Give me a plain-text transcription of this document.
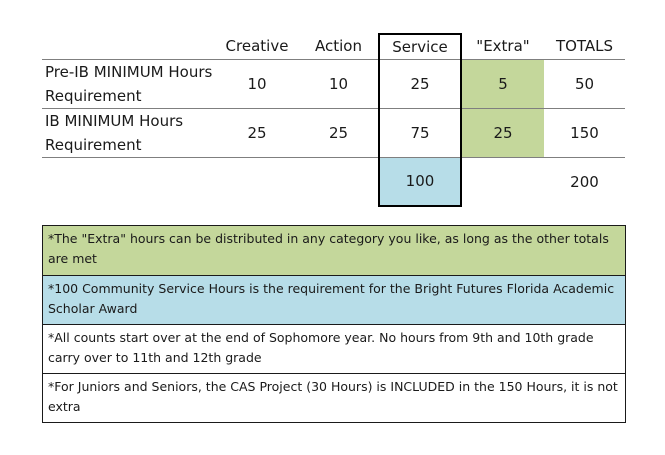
	Creative	Action	Service	"Extra"	TOTALS
Pre-IB MINIMUM Hours Requirement	10	10	25	5	50
IB MINIMUM Hours Requirement	25	25	75	25	150
			100		200
*The "Extra" hours can be distributed in any category you like, as long as the other totals are met
*100 Community Service Hours is the requirement for the Bright Futures Florida Academic Scholar Award
*All counts start over at the end of Sophomore year. No hours from 9th and 10th grade carry over to 11th and 12th grade
*For Juniors and Seniors, the CAS Project (30 Hours) is INCLUDED in the 150 Hours, it is not extra
